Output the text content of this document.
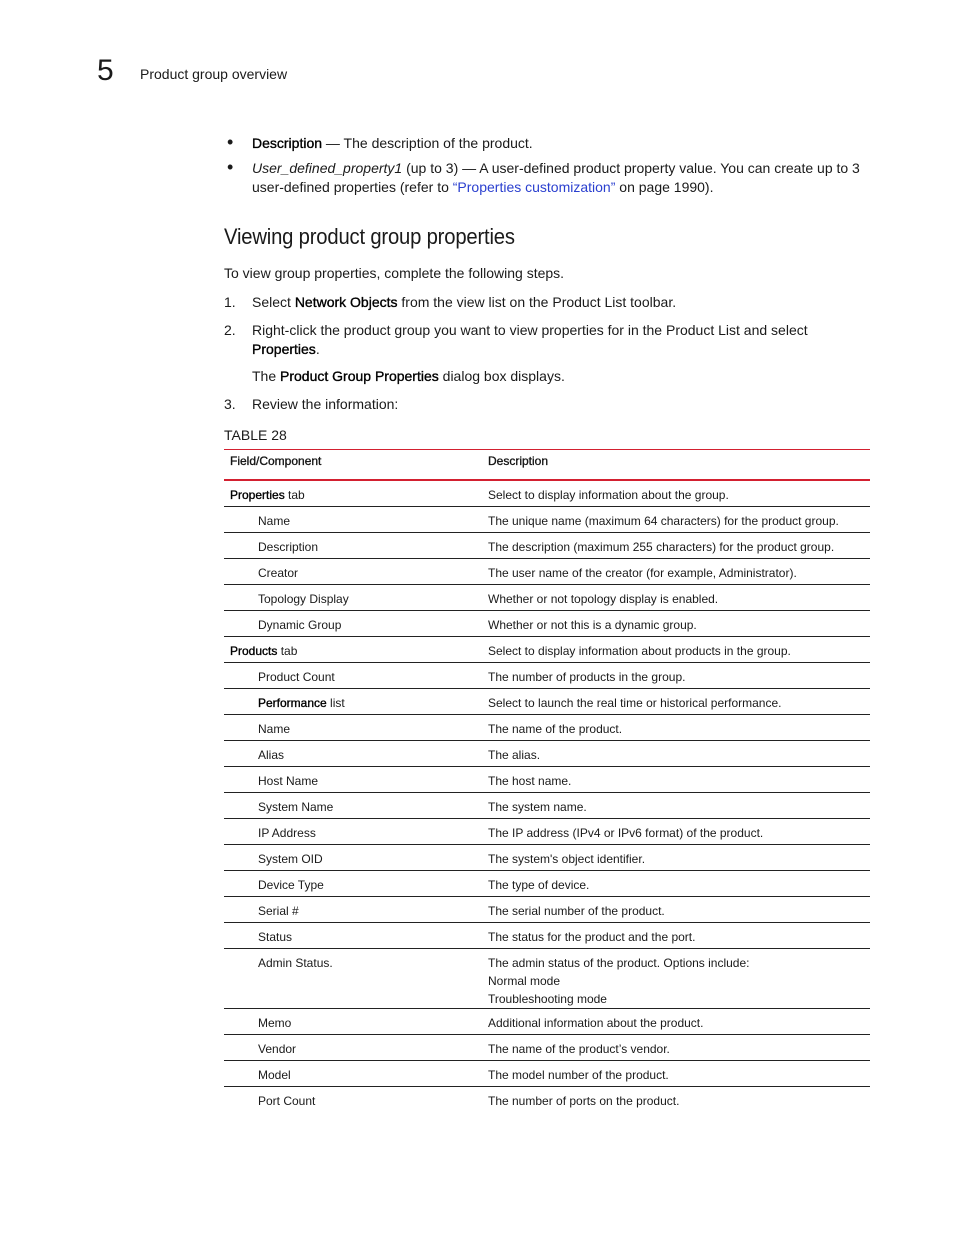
5 Product group overview
• Description — The description of the product.
• User_defined_property1 (up to 3) — A user-defined product property value. You can create up to 3 user-defined properties (refer to “Properties customization” on page 1990).
Viewing product group properties
To view group properties, complete the following steps.
1. Select Network Objects from the view list on the Product List toolbar.
2. Right-click the product group you want to view properties for in the Product List and select Properties.
The Product Group Properties dialog box displays.
3. Review the information:
TABLE 28
Field/Component	Description
Properties tab	Select to display information about the group.

Name	The unique name (maximum 64 characters) for the product group.

Description	The description (maximum 255 characters) for the product group.

Creator	The user name of the creator (for example, Administrator).

Topology Display	Whether or not topology display is enabled.

Dynamic Group	Whether or not this is a dynamic group.

Products tab	Select to display information about products in the group.

Product Count	The number of products in the group.

Performance list	Select to launch the real time or historical performance.

Name	The name of the product.

Alias	The alias.

Host Name	The host name.

System Name	The system name.

IP Address	The IP address (IPv4 or IPv6 format) of the product.

System OID	The system's object identifier.

Device Type	The type of device.

Serial #	The serial number of the product.

Status	The status for the product and the port.

Admin Status.	The admin status of the product. Options include:
Normal mode
Troubleshooting mode

Memo	Additional information about the product.

Vendor	The name of the product’s vendor.

Model	The model number of the product.

Port Count	The number of ports on the product.
